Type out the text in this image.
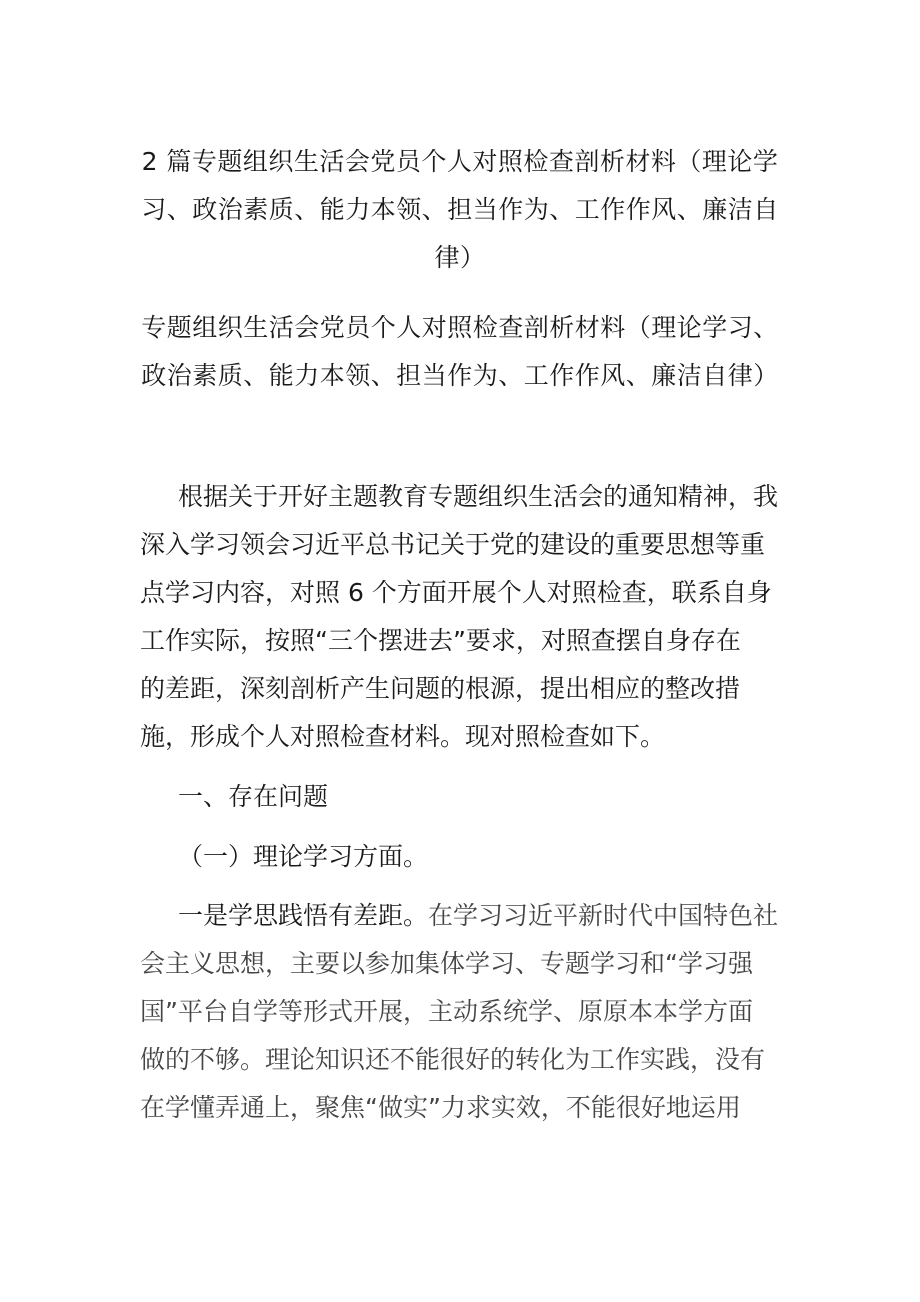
2 篇专题组织生活会党员个人对照检查剖析材料（理论学
习、政治素质、能力本领、担当作为、工作作风、廉洁自
律）
专题组织生活会党员个人对照检查剖析材料（理论学习、
政治素质、能力本领、担当作为、工作作风、廉洁自律）
根据关于开好主题教育专题组织生活会的通知精神，我
深入学习领会习近平总书记关于党的建设的重要思想等重
点学习内容，对照 6 个方面开展个人对照检查，联系自身
工作实际，按照“三个摆进去”要求，对照查摆自身存在
的差距，深刻剖析产生问题的根源，提出相应的整改措
施，形成个人对照检查材料。现对照检查如下。
一、存在问题
（一）理论学习方面。
一是学思践悟有差距。在学习习近平新时代中国特色社
会主义思想，主要以参加集体学习、专题学习和“学习强
国”平台自学等形式开展，主动系统学、原原本本学方面
做的不够。理论知识还不能很好的转化为工作实践，没有
在学懂弄通上，聚焦“做实”力求实效，不能很好地运用
